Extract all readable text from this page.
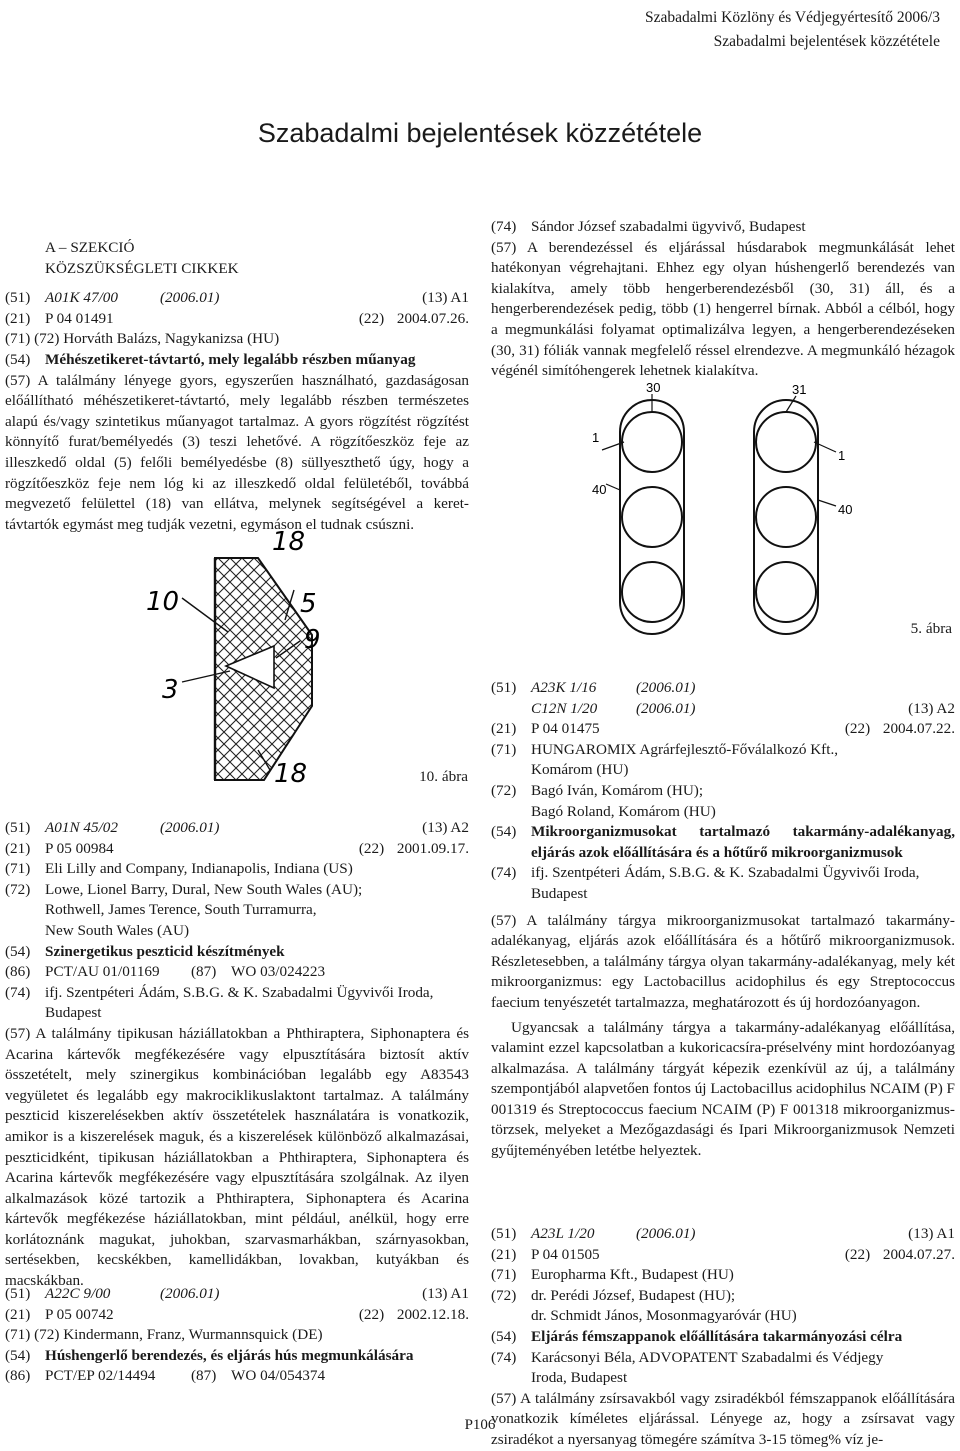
Szabadalmi Közlöny és Védjegyértesítő 2006/3
Szabadalmi bejelentések közzététele
Szabadalmi bejelentések közzététele
A – SZEKCIÓ
KÖZSZÜKSÉGLETI CIKKEK
(51) A01K 47/00	(2006.01)	(13) A1
(21) P 04 01491	(22) 2004.07.26.
(71) (72) Horváth Balázs, Nagykanizsa (HU)
(54) Méhészetikeret-távtartó, mely legalább részben műanyag
(57) A találmány lényege gyors, egyszerűen használható, gazdaságosan előállítható méhészetikeret-távtartó, mely legalább részben természetes alapú és/vagy szintetikus műanyagot tartalmaz. A gyors rögzítést rögzítést könnyítő furat/bemélyedés (3) teszi lehetővé. A rögzítőeszköz feje az illeszkedő oldal (5) felőli bemélyedésbe (8) süllyeszthető úgy, hogy a rögzítőeszköz feje nem lóg ki az illeszkedő oldal felületéből, továbbá megvezető felülettel (18) van ellátva, melynek segítségével a keret-távtartók egymást meg tudják vezetni, egymáson el tudnak csúszni.
18
10	5
9
3
18	10. ábra
(51) A01N 45/02	(2006.01)	(13) A2
(21) P 05 00984	(22) 2001.09.17.
(71) Eli Lilly and Company, Indianapolis, Indiana (US)
(72) Lowe, Lionel Barry, Dural, New South Wales (AU);
Rothwell, James Terence, South Turramurra,
New South Wales (AU)
(54) Szinergetikus peszticid készítmények
(86) PCT/AU 01/01169	(87) WO 03/024223
(74) ifj. Szentpéteri Ádám, S.B.G. & K. Szabadalmi Ügyvivői Iroda,
Budapest
(57) A találmány tipikusan háziállatokban a Phthiraptera, Siphonaptera és Acarina kártevők megfékezésére vagy elpusztítására biztosít aktív összetételt, mely szinergikus kombinációban legalább egy A83543 vegyületet és legalább egy makrociklikuslaktont tartalmaz. A találmány peszticid kiszerelésekben aktív összetételek használatára is vonatkozik, amikor is a kiszerelések maguk, és a kiszerelések különböző alkalmazásai, peszticidként, tipikusan háziállatokban a Phthiraptera, Siphonaptera és Acarina kártevők megfékezésére vagy elpusztítására szolgálnak. Az ilyen alkalmazások közé tartozik a Phthiraptera, Siphonaptera és Acarina kártevők megfékezése háziállatokban, mint például, anélkül, hogy erre korlátoznánk magukat, juhokban, szarvasmarhákban, szárnyasokban, sertésekben, kecskékben, kamellidákban, lovakban, kutyákban és macskákban.
(51) A22C 9/00	(2006.01)	(13) A1
(21) P 05 00742	(22) 2002.12.18.
(71) (72) Kindermann, Franz, Wurmannsquick (DE)
(54) Húshengerlő berendezés, és eljárás hús megmunkálására
(86) PCT/EP 02/14494	(87) WO 04/054374
(74) Sándor József szabadalmi ügyvivő, Budapest
(57) A berendezéssel és eljárással húsdarabok megmunkálását lehet hatékonyan végrehajtani. Ehhez egy olyan húshengerlő berendezés van kialakítva, amely több hengerberendezésből (30, 31) áll, és a hengerberendezések pedig, több (1) hengerrel bírnak. Abból a célból, hogy a megmunkálási folyamat optimalizálva legyen, a hengerberendezéseken (30, 31) fóliák vannak megfelelő réssel elrendezve. A megmunkáló hézagok végénél simítóhengerek lehetnek kialakítva.
30	31
1
1
40
40
5. ábra
(51) A23K 1/16	(2006.01)
C12N 1/20	(2006.01)	(13) A2
(21) P 04 01475	(22) 2004.07.22.
(71) HUNGAROMIX Agrárfejlesztő-Főválalkozó Kft.,
Komárom (HU)
(72) Bagó Iván, Komárom (HU);
Bagó Roland, Komárom (HU)
(54) Mikroorganizmusokat tartalmazó takarmány-adalékanyag, eljárás azok előállítására és a hőtűrő mikroorganizmusok
(74) ifj. Szentpéteri Ádám, S.B.G. & K. Szabadalmi Ügyvivői Iroda,
Budapest
(57) A találmány tárgya mikroorganizmusokat tartalmazó takarmány-adalékanyag, eljárás azok előállítására és a hőtűrő mikroorganizmusok. Részletesebben, a találmány tárgya olyan takarmány-adalékanyag, mely két mikroorganizmus: egy Lactobacillus acidophilus és egy Streptococcus faecium tenyészetét tartalmazza, meghatározott és új hordozóanyagon.
Ugyancsak a találmány tárgya a takarmány-adalékanyag előállítása, valamint ezzel kapcsolatban a kukoricacsíra-préselvény mint hordozóanyag alkalmazása. A találmány tárgyát képezik ezenkívül az új, a találmány szempontjából alapvetően fontos új Lactobacillus acidophilus NCAIM (P) F 001319 és Streptococcus faecium NCAIM (P) F 001318 mikroorganizmus-törzsek, melyeket a Mezőgazdasági és Ipari Mikroorganizmusok Nemzeti gyűjteményében letétbe helyeztek.
(51) A23L 1/20	(2006.01)	(13) A1
(21) P 04 01505	(22) 2004.07.27.
(71) Europharma Kft., Budapest (HU)
(72) dr. Perédi József, Budapest (HU);
dr. Schmidt János, Mosonmagyaróvár (HU)
(54) Eljárás fémszappanok előállítására takarmányozási célra
(74) Karácsonyi Béla, ADVOPATENT Szabadalmi és Védjegy
Iroda, Budapest
(57) A találmány zsírsavakból vagy zsiradékból fémszappanok előállítására vonatkozik kíméletes eljárással. Lényege az, hogy a zsírsavat vagy zsiradékot a nyersanyag tömegére számítva 3-15 tömeg% víz je-
P106
